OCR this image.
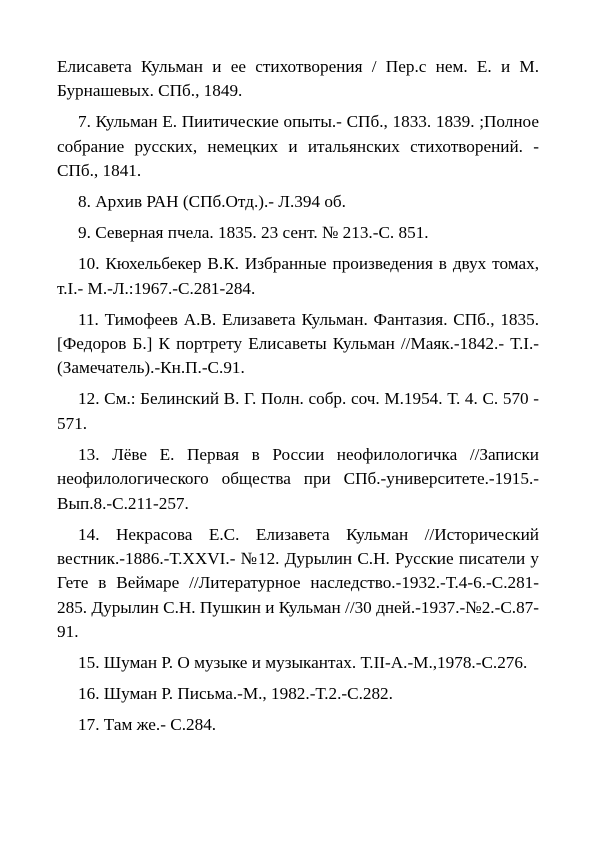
Елисавета Кульман и ее стихотворения / Пер.с нем. Е. и М. Бурнашевых. СПб., 1849.

7. Кульман Е. Пиитические опыты.- СПб., 1833. 1839. ;Полное собрание русских, немецких и итальянских стихотворений. - СПб., 1841.

8. Архив РАН (СПб.Отд.).- Л.394 об.

9. Северная пчела. 1835. 23 сент. № 213.-С. 851.

10. Кюхельбекер В.К. Избранные произведения в двух томах, т.I.- М.-Л.:1967.-С.281-284.

11. Тимофеев А.В. Елизавета Кульман. Фантазия. СПб., 1835. [Федоров Б.] К портрету Елисаветы Кульман //Маяк.-1842.- Т.I.-(Замечатель).-Кн.П.-С.91.

12. См.: Белинский В. Г. Полн. собр. соч. М.1954. Т. 4. С. 570 - 571.

13. Лёве Е. Первая в России неофилологичка //Записки неофилологического общества при СПб.-университете.-1915.-Вып.8.-С.211-257.

14. Некрасова Е.С. Елизавета Кульман //Исторический вестник.-1886.-Т.XXVI.- №12. Дурылин С.Н. Русские писатели у Гете в Веймаре //Литературное наследство.-1932.-Т.4-6.-С.281-285. Дурылин С.Н. Пушкин и Кульман //30 дней.-1937.-№2.-С.87-91.

15. Шуман Р. О музыке и музыкантах. Т.II-А.-М.,1978.-С.276.

16. Шуман Р. Письма.-М., 1982.-Т.2.-С.282.

17. Там же.- С.284.
